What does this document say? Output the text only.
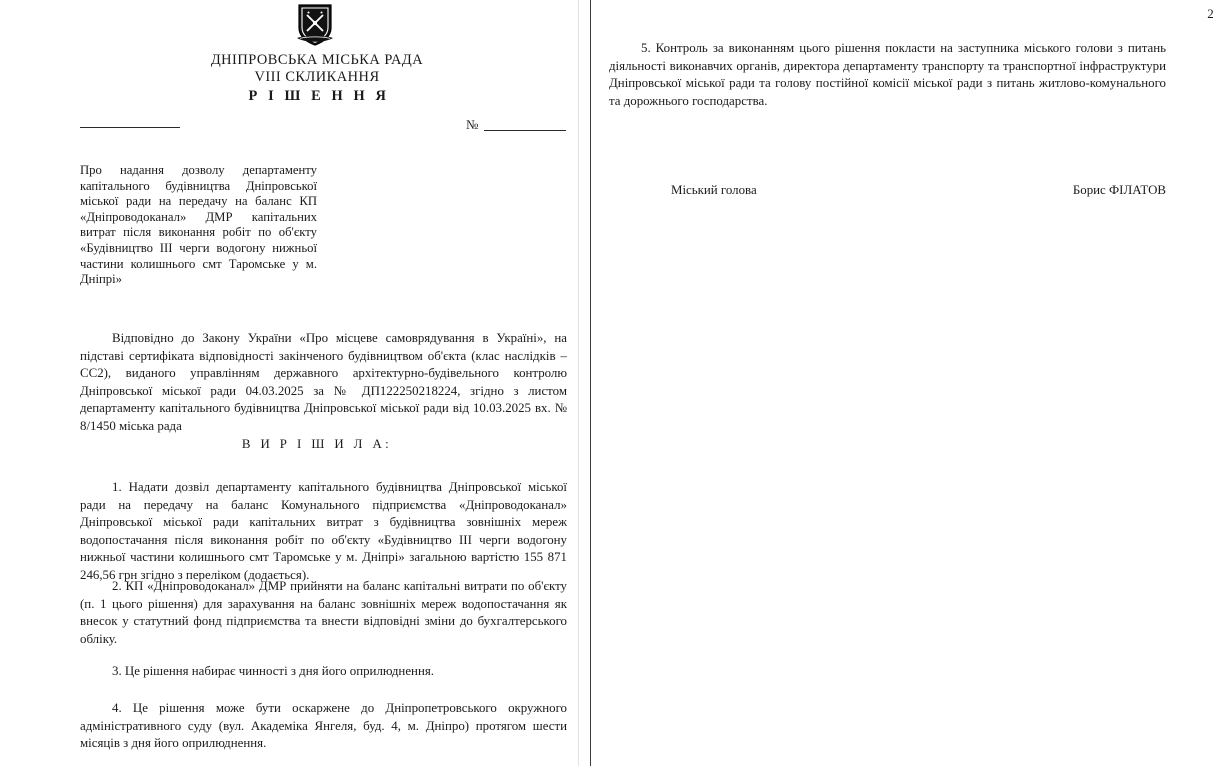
ДНІПРОВСЬКА МІСЬКА РАДА
VIII СКЛИКАННЯ
Р І Ш Е Н Н Я
№
Про надання дозволу департаменту капітального будівництва Дніпровської міської ради на передачу на баланс КП «Дніпроводоканал» ДМР капітальних витрат після виконання робіт по об'єкту «Будівництво ІІІ черги водогону нижньої частини колишнього смт Таромське у м. Дніпрі»
Відповідно до Закону України «Про місцеве самоврядування в Україні», на підставі сертифіката відповідності закінченого будівництвом об'єкта (клас наслідків – СС2), виданого управлінням державного архітектурно-будівельного контролю Дніпровської міської ради 04.03.2025 за № ДП122250218224, згідно з листом департаменту капітального будівництва Дніпровської міської ради від 10.03.2025 вх. № 8/1450 міська рада
В И Р І Ш И Л А:
1. Надати дозвіл департаменту капітального будівництва Дніпровської міської ради на передачу на баланс Комунального підприємства «Дніпроводоканал» Дніпровської міської ради капітальних витрат з будівництва зовнішніх мереж водопостачання після виконання робіт по об'єкту «Будівництво ІІІ черги водогону нижньої частини колишнього смт Таромське у м. Дніпрі» загальною вартістю 155 871 246,56 грн згідно з переліком (додається).
2. КП «Дніпроводоканал» ДМР прийняти на баланс капітальні витрати по об'єкту (п. 1 цього рішення) для зарахування на баланс зовнішніх мереж водопостачання як внесок у статутний фонд підприємства та внести відповідні зміни до бухгалтерського обліку.
3. Це рішення набирає чинності з дня його оприлюднення.
4. Це рішення може бути оскаржене до Дніпропетровського окружного адміністративного суду (вул. Академіка Янгеля, буд. 4, м. Дніпро) протягом шести місяців з дня його оприлюднення.
2
5. Контроль за виконанням цього рішення покласти на заступника міського голови з питань діяльності виконавчих органів, директора департаменту транспорту та транспортної інфраструктури Дніпровської міської ради та голову постійної комісії міської ради з питань житлово-комунального та дорожнього господарства.
Міський голова	Борис ФІЛАТОВ
